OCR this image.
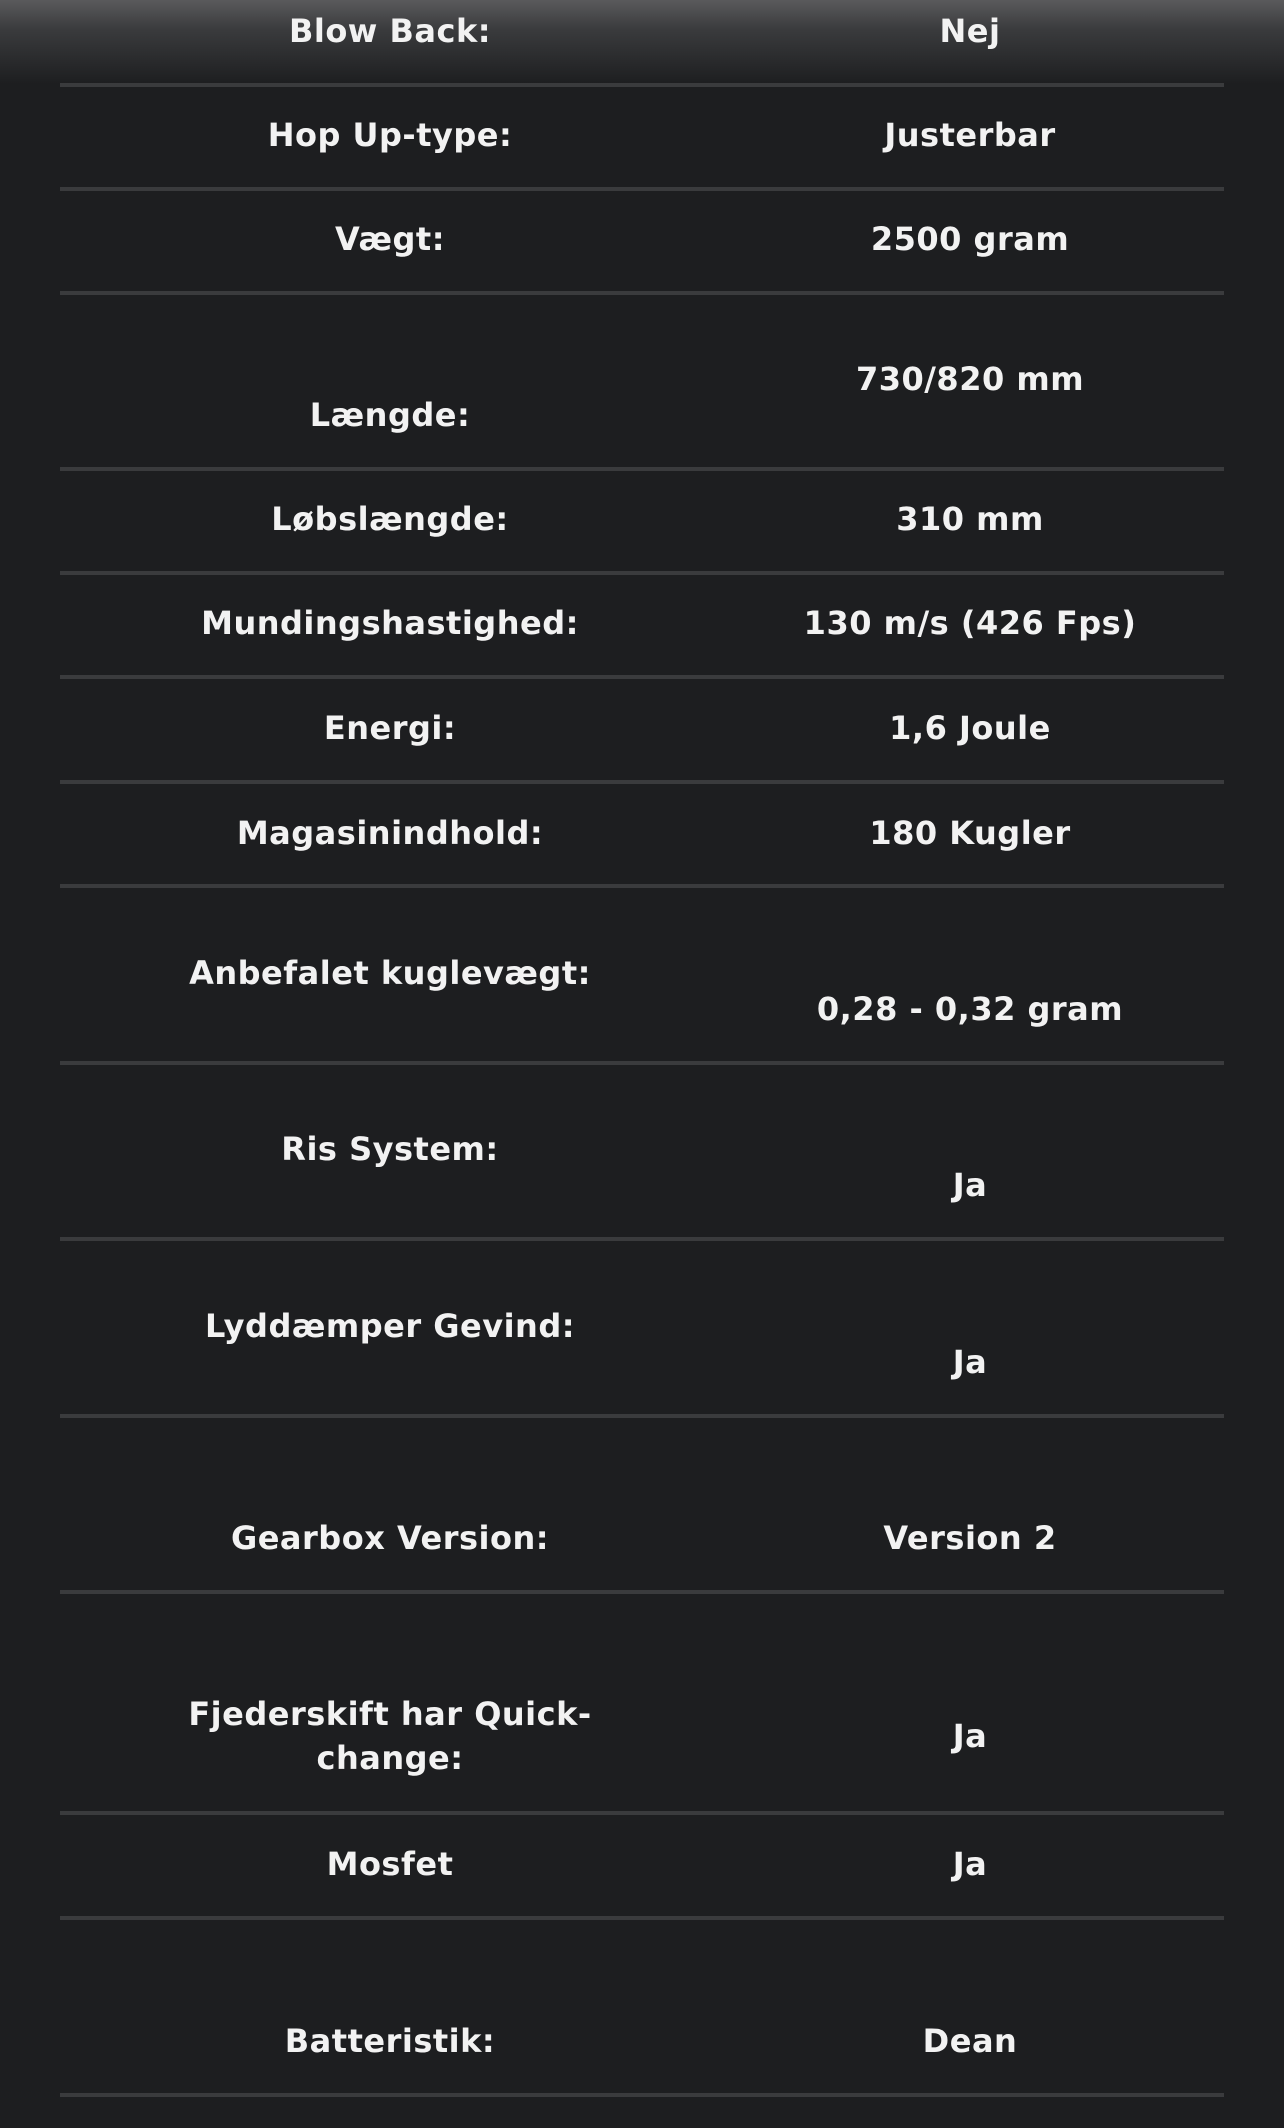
Blow Back:	Nej
Hop Up-type:	Justerbar
Vægt:	2500 gram
Længde:
730/820 mm
Løbslængde:	310 mm
Mundingshastighed:	130 m/s (426 Fps)
Energi:	1,6 Joule
Magasinindhold:	180 Kugler
Anbefalet kuglevægt:
0,28 - 0,32 gram
Ris System:
Ja
Lyddæmper Gevind:
Ja
Gearbox Version:	Version 2
Fjederskift har Quick-change:
Ja
Mosfet	Ja
Batteristik:	Dean
